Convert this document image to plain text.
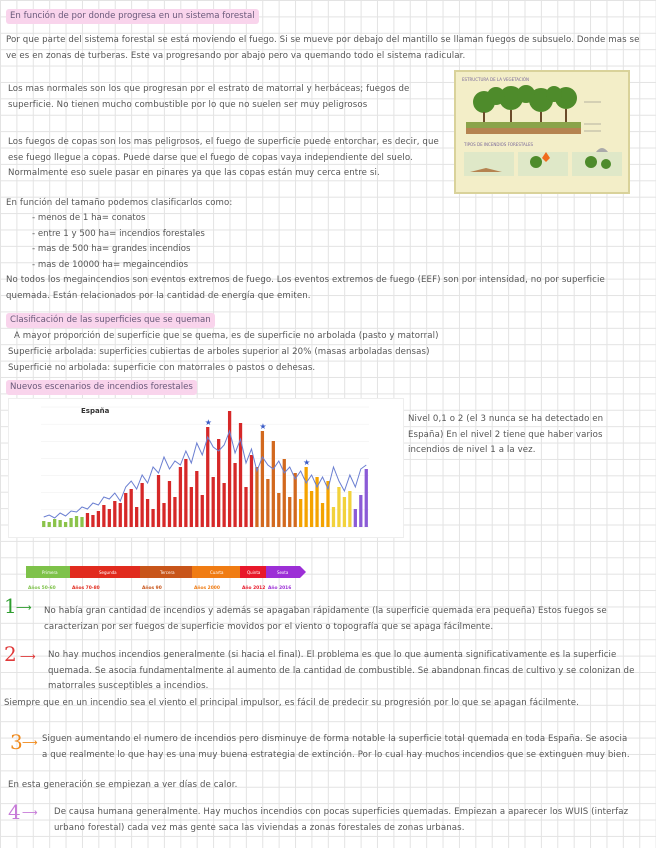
En función de por donde progresa en un sistema forestal
Por que parte del sistema forestal se está moviendo el fuego. Si se mueve por debajo del mantillo se llaman fuegos de subsuelo. Donde mas se ve es en zonas de turberas. Este va progresando por abajo pero va quemando todo el sistema radicular.
Los mas normales son los que progresan por el estrato de matorral y herbáceas; fuegos de superficie. No tienen mucho combustible por lo que no suelen ser muy peligrosos
ESTRUCTURA DE LA VEGETACIÓN
TIPOS DE INCENDIOS FORESTALES
Los fuegos de copas son los mas peligrosos, el fuego de superficie puede entorchar, es decir, que ese fuego llegue a copas. Puede darse que el fuego de copas vaya independiente del suelo. Normalmente eso suele pasar en pinares ya que las copas están muy cerca entre si.
En función del tamaño podemos clasificarlos como:
- menos de 1 ha= conatos
- entre 1 y 500 ha= incendios forestales
- mas de 500 ha= grandes incendios
- mas de 10000 ha= megaincendios
No todos los megaincendios son eventos extremos de fuego. Los eventos extremos de fuego (EEF) son por intensidad, no por superficie quemada. Están relacionados por la cantidad de energía que emiten.
Clasificación de las superficies que se queman
A mayor proporción de superficie que se quema, es de superficie no arbolada (pasto y matorral)
Superficie arbolada: superficies cubiertas de arboles superior al 20% (masas arboladas densas)
Superficie no arbolada: superficie con matorrales o pastos o dehesas.
Nuevos escenarios de incendios forestales
España
★	★
★
Nivel 0,1 o 2 (el 3 nunca se ha detectado en España) En el nivel 2 tiene que haber varios incendios de nivel 1 a la vez.
Primera
Años 50-60
Segunda
Años 70-80
Tercera
Años 90
Cuarta
Años 2000
Quinta
Año 2012
Sexta
Año 2016
1 ⟶ No había gran cantidad de incendios y además se apagaban rápidamente (la superficie quemada era pequeña) Estos fuegos se caracterizan por ser fuegos de superficie movidos por el viento o topografía que se apaga fácilmente.
2 ⟶ No hay muchos incendios generalmente (si hacia el final). El problema es que lo que aumenta significativamente es la superficie quemada. Se asocia fundamentalmente al aumento de la cantidad de combustible. Se abandonan fincas de cultivo y se colonizan de matorrales susceptibles a incendios.
Siempre que en un incendio sea el viento el principal impulsor, es fácil de predecir su progresión por lo que se apagan fácilmente.
3 ⟶ Siguen aumentando el numero de incendios pero disminuye de forma notable la superficie total quemada en toda España. Se asocia a que realmente lo que hay es una muy buena estrategia de extinción. Por lo cual hay muchos incendios que se extinguen muy bien.
En esta generación se empiezan a ver días de calor.
4 ⟶ De causa humana generalmente. Hay muchos incendios con pocas superficies quemadas. Empiezan a aparecer los WUIS (interfaz urbano forestal) cada vez mas gente saca las viviendas a zonas forestales de zonas urbanas.
